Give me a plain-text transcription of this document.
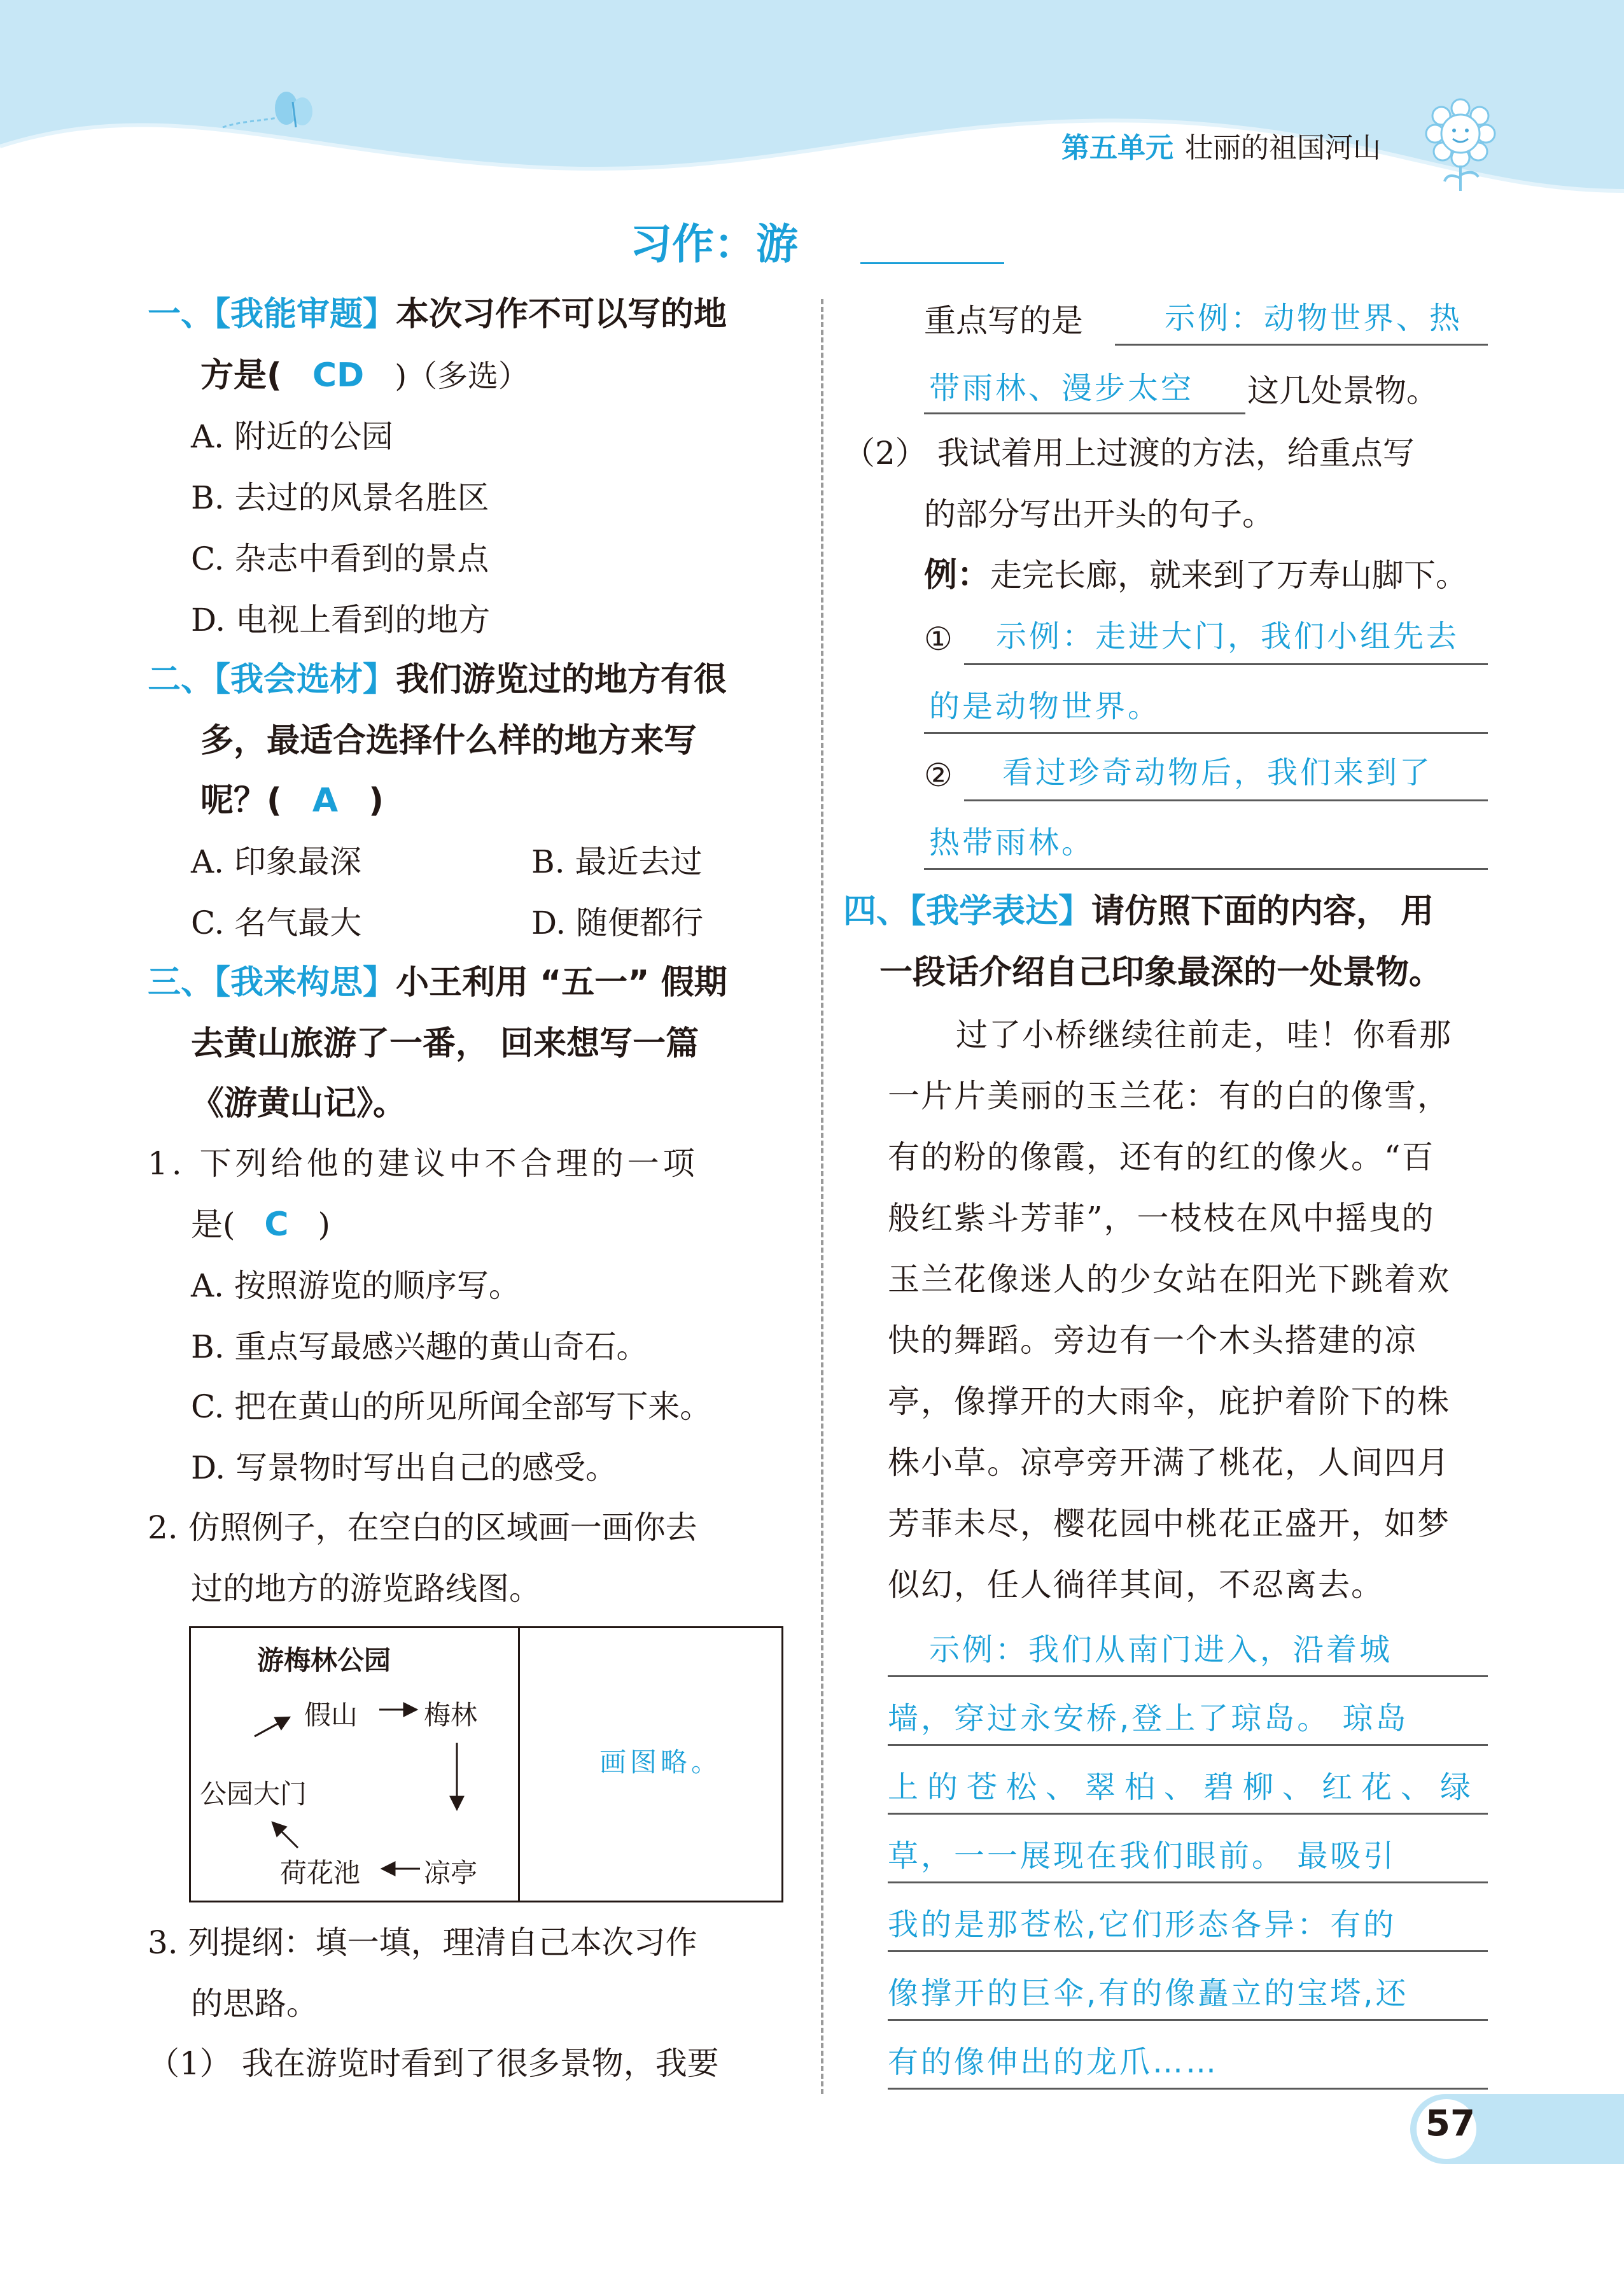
第五单元 壮丽的祖国河山
习作：游
一、【我能审题】本次习作不可以写的地
方是( CD )（多选）
A. 附近的公园
B. 去过的风景名胜区
C. 杂志中看到的景点
D. 电视上看到的地方
二、【我会选材】我们游览过的地方有很
多，最适合选择什么样的地方来写
呢？( A )
A. 印象最深	B. 最近去过
C. 名气最大	D. 随便都行
三、【我来构思】小王利用 “五一” 假期
去黄山旅游了一番， 回来想写一篇
《游黄山记》。
1. 下列给他的建议中不合理的一项
是( C )
A. 按照游览的顺序写。
B. 重点写最感兴趣的黄山奇石。
C. 把在黄山的所见所闻全部写下来。
D. 写景物时写出自己的感受。
2. 仿照例子，在空白的区域画一画你去
过的地方的游览路线图。
游梅林公园
假山 梅林
公园大门
荷花池 凉亭
画图略。
3. 列提纲：填一填，理清自己本次习作
的思路。
（1） 我在游览时看到了很多景物，我要
重点写的是	示例：动物世界、热
带雨林、漫步太空 这几处景物。
（2） 我试着用上过渡的方法，给重点写
的部分写出开头的句子。
例：走完长廊，就来到了万寿山脚下。
① 示例：走进大门，我们小组先去
的是动物世界。
② 看过珍奇动物后，我们来到了
热带雨林。
四、【我学表达】请仿照下面的内容， 用
一段话介绍自己印象最深的一处景物。
过了小桥继续往前走，哇！你看那
一片片美丽的玉兰花：有的白的像雪，
有的粉的像霞，还有的红的像火。“百
般红紫斗芳菲”，一枝枝在风中摇曳的
玉兰花像迷人的少女站在阳光下跳着欢
快的舞蹈。旁边有一个木头搭建的凉
亭，像撑开的大雨伞，庇护着阶下的株
株小草。凉亭旁开满了桃花，人间四月
芳菲未尽，樱花园中桃花正盛开，如梦
似幻，任人徜徉其间，不忍离去。
示例：我们从南门进入，沿着城
墙，穿过永安桥,登上了琼岛。 琼岛
上的苍松、翠柏、碧柳、红花、绿
草，一一展现在我们眼前。 最吸引
我的是那苍松,它们形态各异：有的
像撑开的巨伞,有的像矗立的宝塔,还
有的像伸出的龙爪……
57
